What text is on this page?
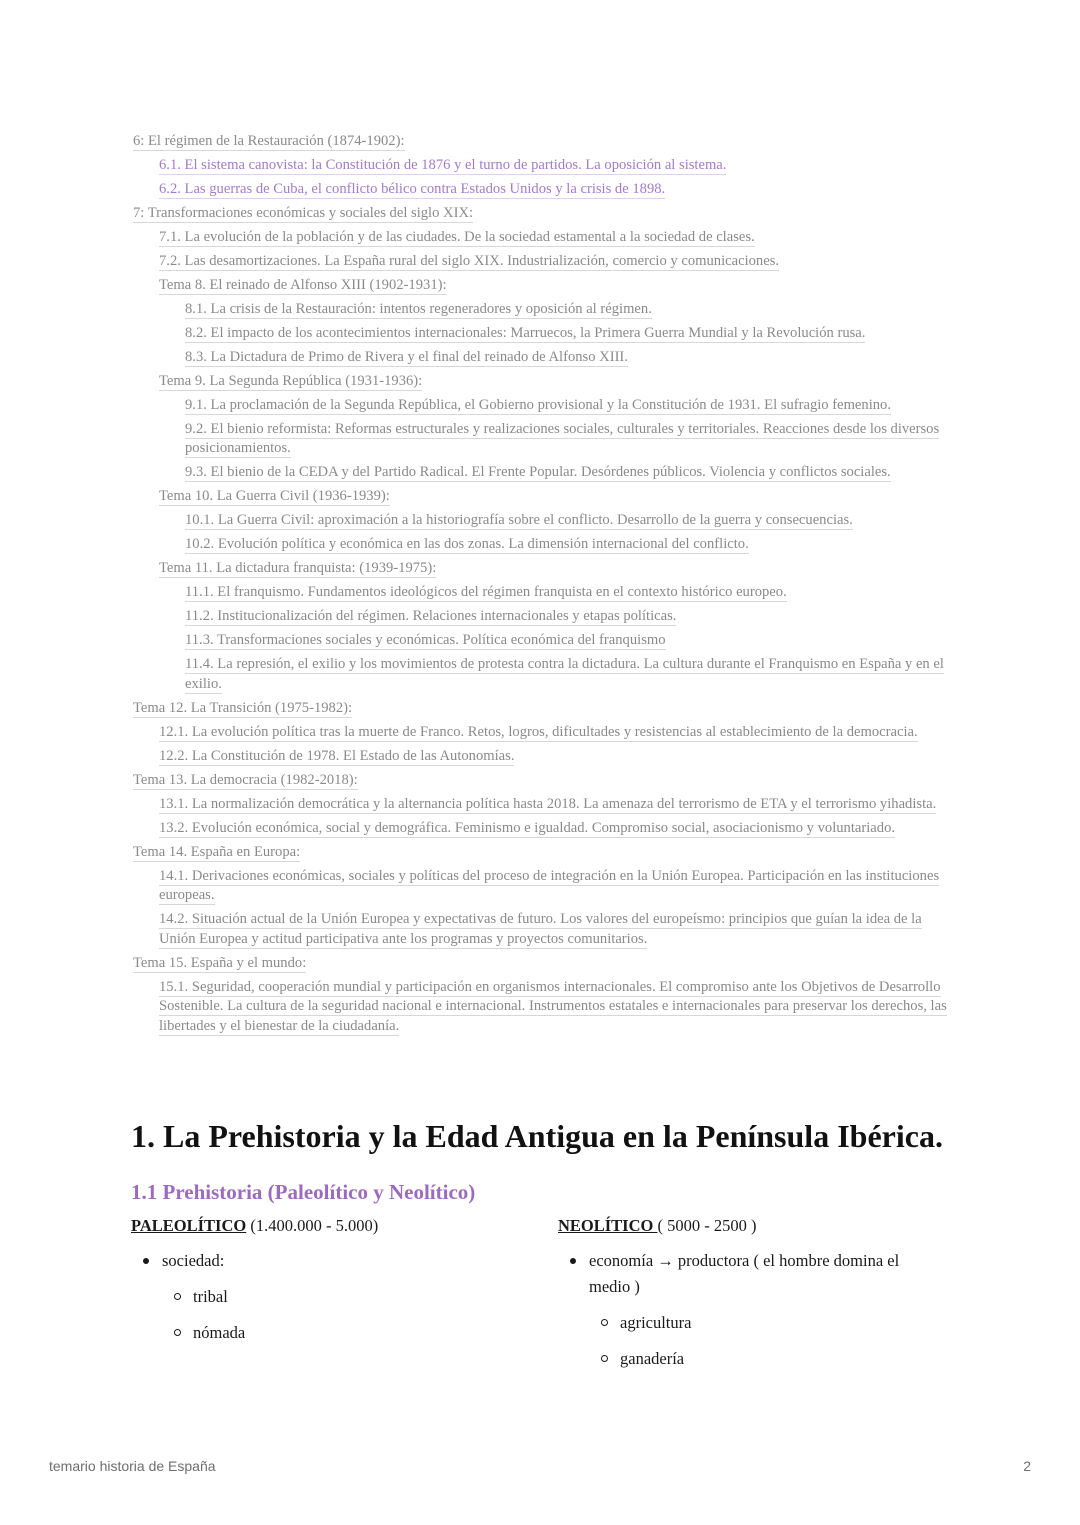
6: El régimen de la Restauración (1874-1902):
6.1. El sistema canovista: la Constitución de 1876 y el turno de partidos. La oposición al sistema.
6.2. Las guerras de Cuba, el conflicto bélico contra Estados Unidos y la crisis de 1898.
7: Transformaciones económicas y sociales del siglo XIX:
7.1. La evolución de la población y de las ciudades. De la sociedad estamental a la sociedad de clases.
7.2. Las desamortizaciones. La España rural del siglo XIX. Industrialización, comercio y comunicaciones.
Tema 8. El reinado de Alfonso XIII (1902-1931):
8.1. La crisis de la Restauración: intentos regeneradores y oposición al régimen.
8.2. El impacto de los acontecimientos internacionales: Marruecos, la Primera Guerra Mundial y la Revolución rusa.
8.3. La Dictadura de Primo de Rivera y el final del reinado de Alfonso XIII.
Tema 9. La Segunda República (1931-1936):
9.1. La proclamación de la Segunda República, el Gobierno provisional y la Constitución de 1931. El sufragio femenino.
9.2. El bienio reformista: Reformas estructurales y realizaciones sociales, culturales y territoriales. Reacciones desde los diversos posicionamientos.
9.3. El bienio de la CEDA y del Partido Radical. El Frente Popular. Desórdenes públicos. Violencia y conflictos sociales.
Tema 10. La Guerra Civil (1936-1939):
10.1. La Guerra Civil: aproximación a la historiografía sobre el conflicto. Desarrollo de la guerra y consecuencias.
10.2. Evolución política y económica en las dos zonas. La dimensión internacional del conflicto.
Tema 11. La dictadura franquista: (1939-1975):
11.1. El franquismo. Fundamentos ideológicos del régimen franquista en el contexto histórico europeo.
11.2. Institucionalización del régimen. Relaciones internacionales y etapas políticas.
11.3. Transformaciones sociales y económicas. Política económica del franquismo
11.4. La represión, el exilio y los movimientos de protesta contra la dictadura. La cultura durante el Franquismo en España y en el exilio.
Tema 12. La Transición (1975-1982):
12.1. La evolución política tras la muerte de Franco. Retos, logros, dificultades y resistencias al establecimiento de la democracia.
12.2. La Constitución de 1978. El Estado de las Autonomías.
Tema 13. La democracia (1982-2018):
13.1. La normalización democrática y la alternancia política hasta 2018. La amenaza del terrorismo de ETA y el terrorismo yihadista.
13.2. Evolución económica, social y demográfica. Feminismo e igualdad. Compromiso social, asociacionismo y voluntariado.
Tema 14. España en Europa:
14.1. Derivaciones económicas, sociales y políticas del proceso de integración en la Unión Europea. Participación en las instituciones europeas.
14.2. Situación actual de la Unión Europea y expectativas de futuro. Los valores del europeísmo: principios que guían la idea de la Unión Europea y actitud participativa ante los programas y proyectos comunitarios.
Tema 15. España y el mundo:
15.1. Seguridad, cooperación mundial y participación en organismos internacionales. El compromiso ante los Objetivos de Desarrollo Sostenible. La cultura de la seguridad nacional e internacional. Instrumentos estatales e internacionales para preservar los derechos, las libertades y el bienestar de la ciudadanía.
1. La Prehistoria y la Edad Antigua en la Península Ibérica.
1.1 Prehistoria (Paleolítico y Neolítico)
PALEOLÍTICO (1.400.000 - 5.000)
sociedad:
tribal
nómada
NEOLÍTICO ( 5000 - 2500 )
economía → productora ( el hombre domina el medio )
agricultura
ganadería
temario historia de España	2
